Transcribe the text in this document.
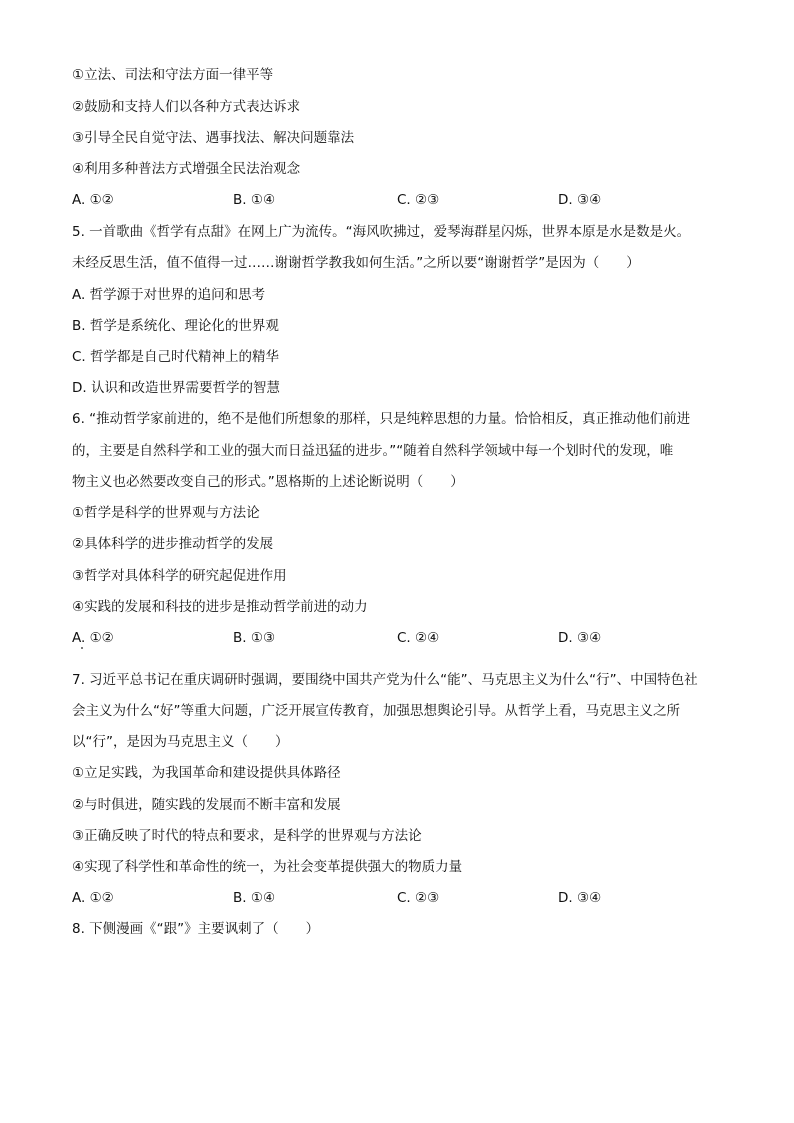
①立法、司法和守法方面一律平等
②鼓励和支持人们以各种方式表达诉求
③引导全民自觉守法、遇事找法、解决问题靠法
④利用多种普法方式增强全民法治观念
A. ①②	B. ①④	C. ②③	D. ③④
5. 一首歌曲《哲学有点甜》在网上广为流传。“海风吹拂过，爱琴海群星闪烁，世界本原是水是数是火。
未经反思生活，值不值得一过……谢谢哲学教我如何生活。”之所以要“谢谢哲学”是因为（　　）
A. 哲学源于对世界的追问和思考
B. 哲学是系统化、理论化的世界观
C. 哲学都是自己时代精神上的精华
D. 认识和改造世界需要哲学的智慧
6. “推动哲学家前进的，绝不是他们所想象的那样，只是纯粹思想的力量。恰恰相反，真正推动他们前进
的，主要是自然科学和工业的强大而日益迅猛的进步。”“随着自然科学领域中每一个划时代的发现，唯
物主义也必然要改变自己的形式。”恩格斯的上述论断说明（　　）
①哲学是科学的世界观与方法论
②具体科学的进步推动哲学的发展
③哲学对具体科学的研究起促进作用
④实践的发展和科技的进步是推动哲学前进的动力
A. ①②	B. ①③	C. ②④	D. ③④
7. 习近平总书记在重庆调研时强调，要围绕中国共产党为什么“能”、马克思主义为什么“行”、中国特色社
会主义为什么“好”等重大问题，广泛开展宣传教育，加强思想舆论引导。从哲学上看，马克思主义之所
以“行”，是因为马克思主义（　　）
①立足实践，为我国革命和建设提供具体路径
②与时俱进，随实践的发展而不断丰富和发展
③正确反映了时代的特点和要求，是科学的世界观与方法论
④实现了科学性和革命性的统一，为社会变革提供强大的物质力量
A. ①②	B. ①④	C. ②③	D. ③④
8. 下侧漫画《“跟”》主要讽刺了（　　）
